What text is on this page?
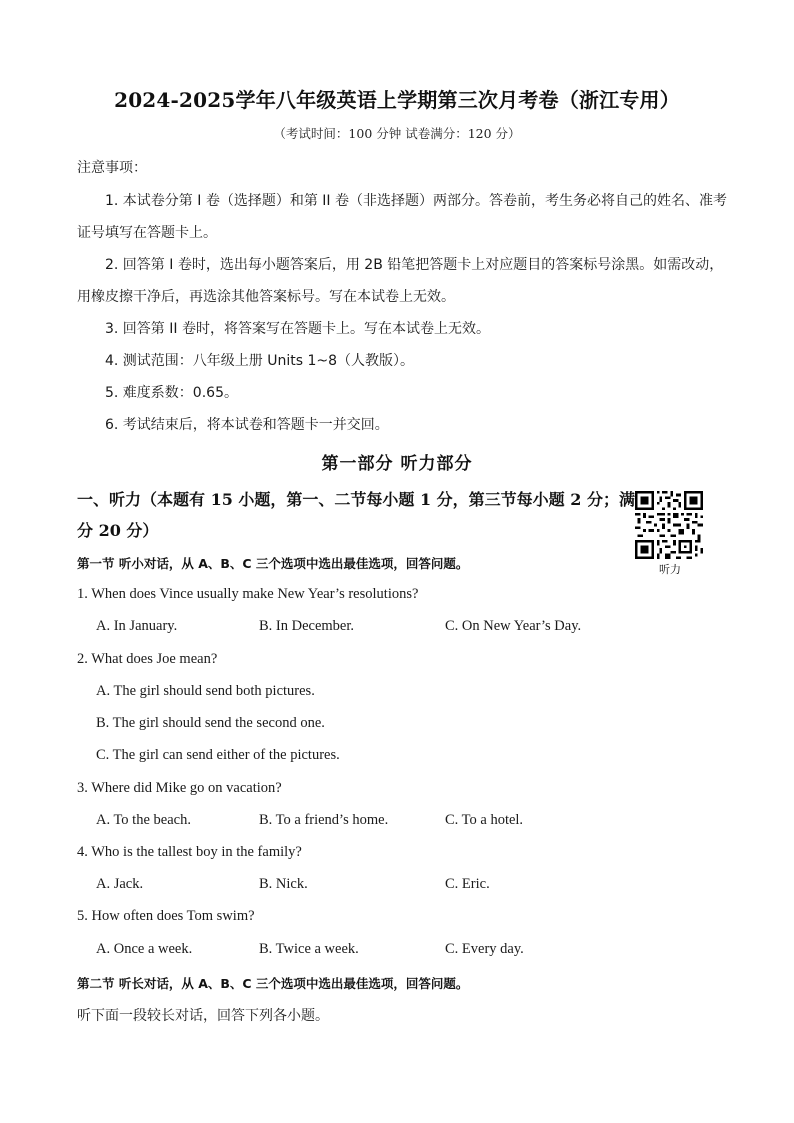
2024-2025学年八年级英语上学期第三次月考卷（浙江专用）
（考试时间：100 分钟 试卷满分：120 分）
注意事项：
1. 本试卷分第 I 卷（选择题）和第 II 卷（非选择题）两部分。答卷前，考生务必将自己的姓名、准考
证号填写在答题卡上。
2. 回答第 I 卷时，选出每小题答案后，用 2B 铅笔把答题卡上对应题目的答案标号涂黑。如需改动，
用橡皮擦干净后，再选涂其他答案标号。写在本试卷上无效。
3. 回答第 II 卷时，将答案写在答题卡上。写在本试卷上无效。
4. 测试范围：八年级上册 Units 1~8（人教版）。
5. 难度系数：0.65。
6. 考试结束后，将本试卷和答题卡一并交回。
第一部分 听力部分
一、听力（本题有 15 小题，第一、二节每小题 1 分，第三节每小题 2 分；满
分 20 分）
听力
第一节 听小对话，从 A、B、C 三个选项中选出最佳选项，回答问题。
1. When does Vince usually make New Year’s resolutions?
A. In January.	B. In December.	C. On New Year’s Day.
2. What does Joe mean?
A. The girl should send both pictures.
B. The girl should send the second one.
C. The girl can send either of the pictures.
3. Where did Mike go on vacation?
A. To the beach.	B. To a friend’s home.	C. To a hotel.
4. Who is the tallest boy in the family?
A. Jack.	B. Nick.	C. Eric.
5. How often does Tom swim?
A. Once a week.	B. Twice a week.	C. Every day.
第二节 听长对话，从 A、B、C 三个选项中选出最佳选项，回答问题。
听下面一段较长对话，回答下列各小题。
